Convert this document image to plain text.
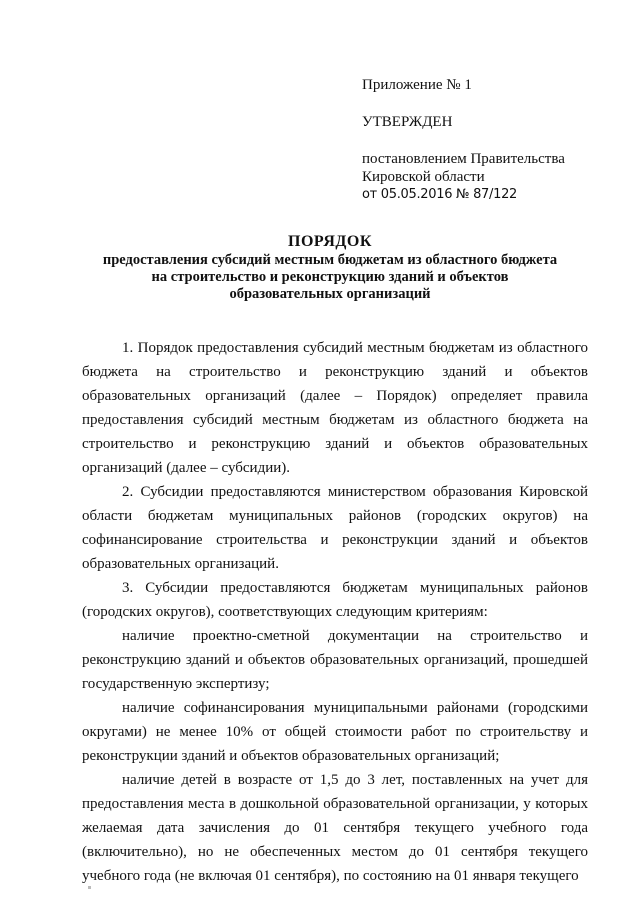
Приложение № 1
УТВЕРЖДЕН
постановлением Правительства
Кировской области
от 05.05.2016 № 87/122
ПОРЯДОК
предоставления субсидий местным бюджетам из областного бюджета
на строительство и реконструкцию зданий и объектов
образовательных организаций

1. Порядок предоставления субсидий местным бюджетам из областного бюджета на строительство и реконструкцию зданий и объектов образовательных организаций (далее – Порядок) определяет правила предоставления субсидий местным бюджетам из областного бюджета на строительство и реконструкцию зданий и объектов образовательных организаций (далее – субсидии).

2. Субсидии предоставляются министерством образования Кировской области бюджетам муниципальных районов (городских округов) на софинансирование строительства и реконструкции зданий и объектов образовательных организаций.

3. Субсидии предоставляются бюджетам муниципальных районов (городских округов), соответствующих следующим критериям:

наличие проектно-сметной документации на строительство и реконструкцию зданий и объектов образовательных организаций, прошедшей государственную экспертизу;

наличие софинансирования муниципальными районами (городскими округами) не менее 10% от общей стоимости работ по строительству и реконструкции зданий и объектов образовательных организаций;

наличие детей в возрасте от 1,5 до 3 лет, поставленных на учет для предоставления места в дошкольной образовательной организации, у которых желаемая дата зачисления до 01 сентября текущего учебного года (включительно), но не обеспеченных местом до 01 сентября текущего учебного года (не включая 01 сентября), по состоянию на 01 января текущего
